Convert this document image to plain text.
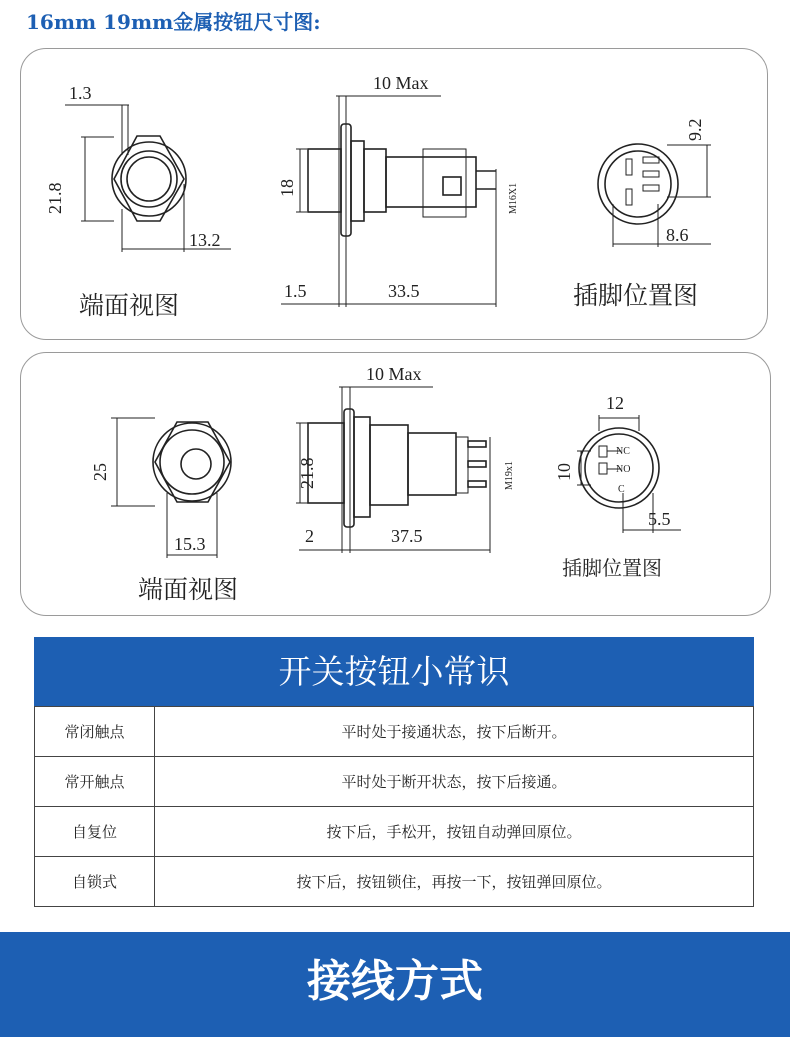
16mm 19mm金属按钮尺寸图:
1.3
21.8
13.2
端面视图
10 Max
18
1.5	33.5
M16X1
9.2
8.6
插脚位置图
25
15.3
端面视图
10 Max
21.8
2	37.5
M19x1
12
10
5.5
NC
NO
C
插脚位置图
开关按钮小常识
常闭触点	平时处于接通状态，按下后断开。
常开触点	平时处于断开状态，按下后接通。
自复位	按下后，手松开，按钮自动弹回原位。
自锁式	按下后，按钮锁住，再按一下，按钮弹回原位。
接线方式
